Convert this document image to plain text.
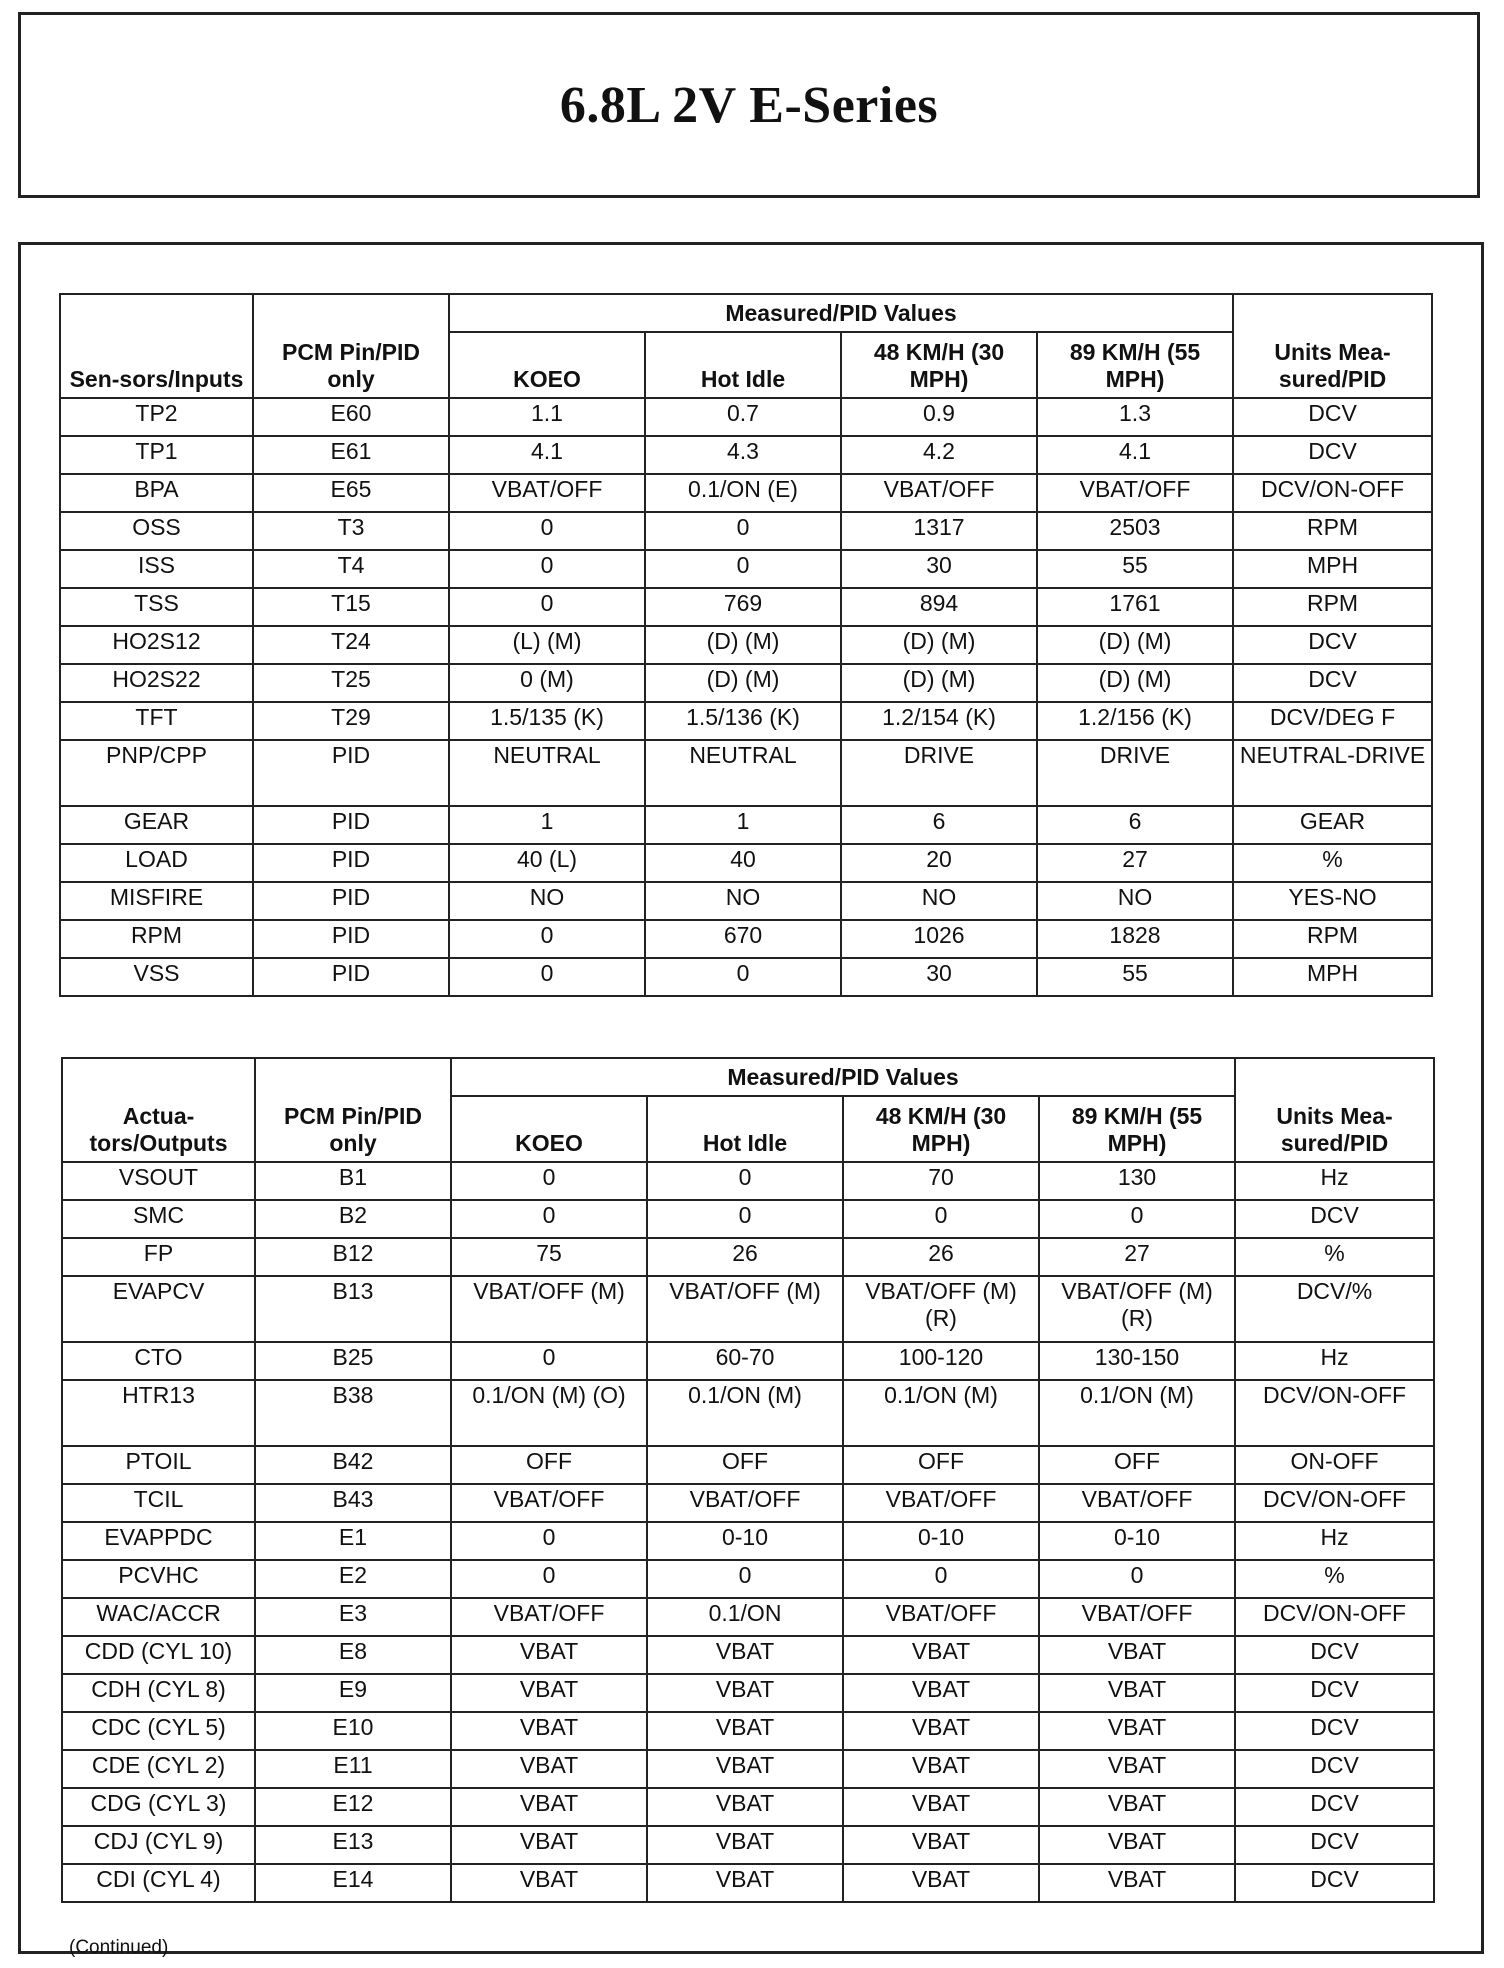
6.8L 2V E-Series
Sen-sors/Inputs	PCM Pin/PID only	Measured/PID Values				Units Mea-sured/PID
		KOEO	Hot Idle	48 KM/H (30 MPH)	89 KM/H (55 MPH)	
TP2	E60	1.1	0.7	0.9	1.3	DCV
TP1	E61	4.1	4.3	4.2	4.1	DCV
BPA	E65	VBAT/OFF	0.1/ON (E)	VBAT/OFF	VBAT/OFF	DCV/ON-OFF
OSS	T3	0	0	1317	2503	RPM
ISS	T4	0	0	30	55	MPH
TSS	T15	0	769	894	1761	RPM
HO2S12	T24	(L) (M)	(D) (M)	(D) (M)	(D) (M)	DCV
HO2S22	T25	0 (M)	(D) (M)	(D) (M)	(D) (M)	DCV
TFT	T29	1.5/135 (K)	1.5/136 (K)	1.2/154 (K)	1.2/156 (K)	DCV/DEG F
PNP/CPP	PID	NEUTRAL	NEUTRAL	DRIVE	DRIVE	NEUTRAL-DRIVE
GEAR	PID	1	1	6	6	GEAR
LOAD	PID	40 (L)	40	20	27	%
MISFIRE	PID	NO	NO	NO	NO	YES-NO
RPM	PID	0	670	1026	1828	RPM
VSS	PID	0	0	30	55	MPH
Actua-tors/Outputs	PCM Pin/PID only	Measured/PID Values				Units Mea-sured/PID
		KOEO	Hot Idle	48 KM/H (30 MPH)	89 KM/H (55 MPH)	
VSOUT	B1	0	0	70	130	Hz
SMC	B2	0	0	0	0	DCV
FP	B12	75	26	26	27	%
EVAPCV	B13	VBAT/OFF (M)	VBAT/OFF (M)	VBAT/OFF (M) (R)	VBAT/OFF (M) (R)	DCV/%
CTO	B25	0	60-70	100-120	130-150	Hz
HTR13	B38	0.1/ON (M) (O)	0.1/ON (M)	0.1/ON (M)	0.1/ON (M)	DCV/ON-OFF
PTOIL	B42	OFF	OFF	OFF	OFF	ON-OFF
TCIL	B43	VBAT/OFF	VBAT/OFF	VBAT/OFF	VBAT/OFF	DCV/ON-OFF
EVAPPDC	E1	0	0-10	0-10	0-10	Hz
PCVHC	E2	0	0	0	0	%
WAC/ACCR	E3	VBAT/OFF	0.1/ON	VBAT/OFF	VBAT/OFF	DCV/ON-OFF
CDD (CYL 10)	E8	VBAT	VBAT	VBAT	VBAT	DCV
CDH (CYL 8)	E9	VBAT	VBAT	VBAT	VBAT	DCV
CDC (CYL 5)	E10	VBAT	VBAT	VBAT	VBAT	DCV
CDE (CYL 2)	E11	VBAT	VBAT	VBAT	VBAT	DCV
CDG (CYL 3)	E12	VBAT	VBAT	VBAT	VBAT	DCV
CDJ (CYL 9)	E13	VBAT	VBAT	VBAT	VBAT	DCV
CDI (CYL 4)	E14	VBAT	VBAT	VBAT	VBAT	DCV
(Continued)
